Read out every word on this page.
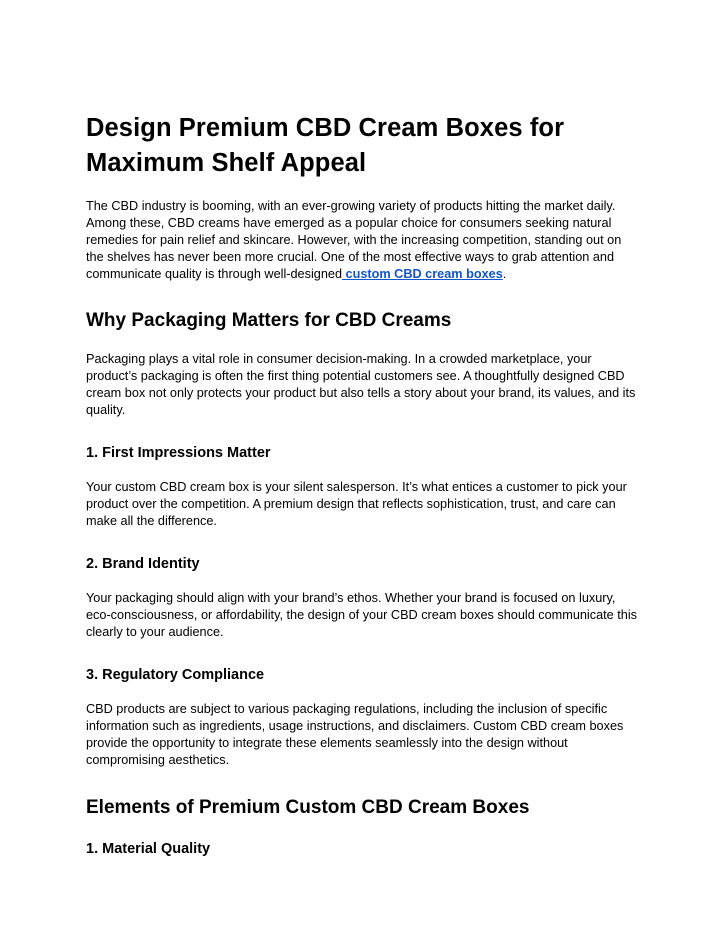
Design Premium CBD Cream Boxes for Maximum Shelf Appeal

The CBD industry is booming, with an ever-growing variety of products hitting the market daily. Among these, CBD creams have emerged as a popular choice for consumers seeking natural remedies for pain relief and skincare. However, with the increasing competition, standing out on the shelves has never been more crucial. One of the most effective ways to grab attention and communicate quality is through well-designed custom CBD cream boxes.

Why Packaging Matters for CBD Creams

Packaging plays a vital role in consumer decision-making. In a crowded marketplace, your product’s packaging is often the first thing potential customers see. A thoughtfully designed CBD cream box not only protects your product but also tells a story about your brand, its values, and its quality.

1. First Impressions Matter

Your custom CBD cream box is your silent salesperson. It’s what entices a customer to pick your product over the competition. A premium design that reflects sophistication, trust, and care can make all the difference.

2. Brand Identity

Your packaging should align with your brand’s ethos. Whether your brand is focused on luxury, eco-consciousness, or affordability, the design of your CBD cream boxes should communicate this clearly to your audience.

3. Regulatory Compliance

CBD products are subject to various packaging regulations, including the inclusion of specific information such as ingredients, usage instructions, and disclaimers. Custom CBD cream boxes provide the opportunity to integrate these elements seamlessly into the design without compromising aesthetics.

Elements of Premium Custom CBD Cream Boxes
1. Material Quality
